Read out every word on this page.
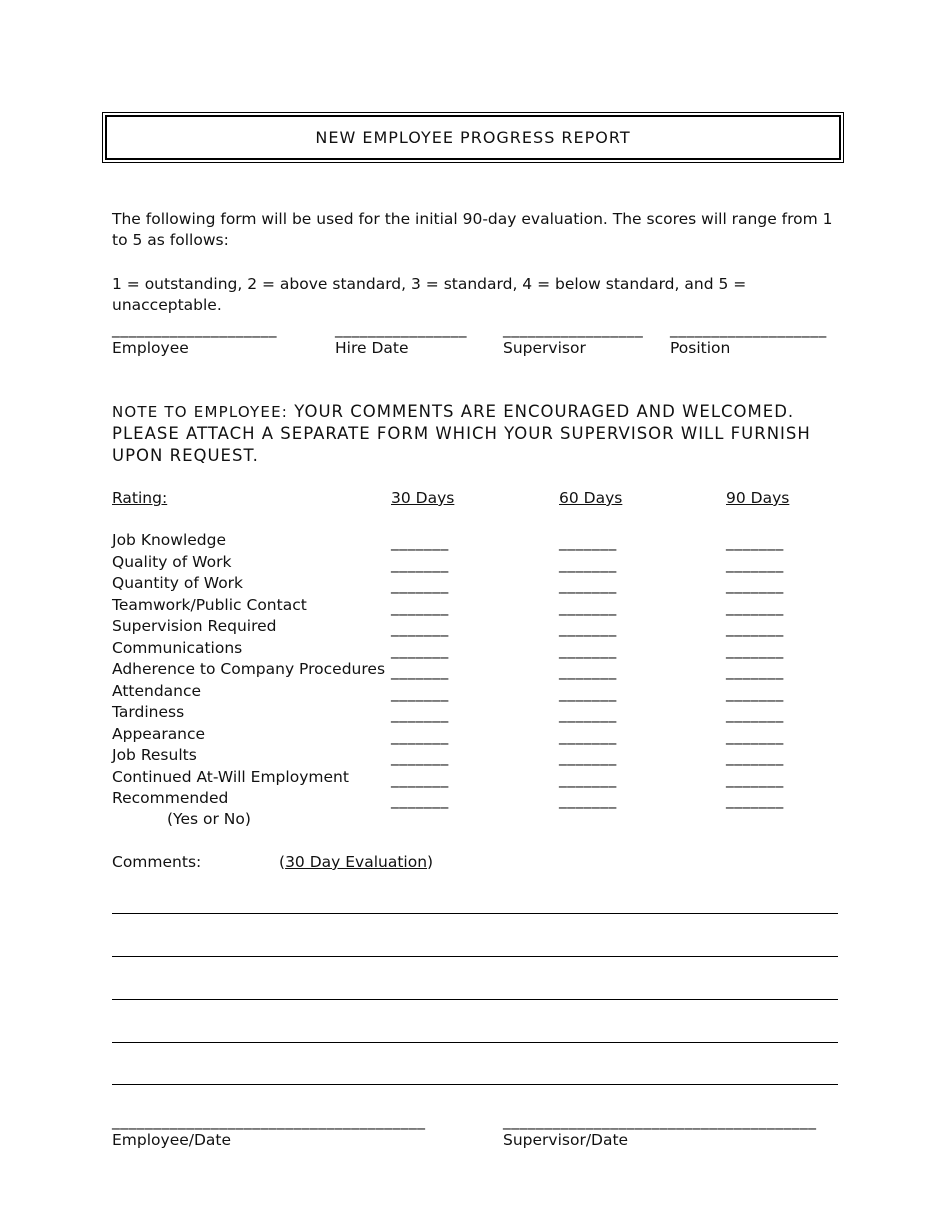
NEW EMPLOYEE PROGRESS REPORT
The following form will be used for the initial 90-day evaluation. The scores will range from 1 to 5 as follows:
1 = outstanding, 2 = above standard, 3 = standard, 4 = below standard, and 5 = unacceptable.
____________________
Employee
________________
Hire Date
_________________
Supervisor
___________________
Position
NOTE TO EMPLOYEE: YOUR COMMENTS ARE ENCOURAGED AND WELCOMED. PLEASE ATTACH A SEPARATE FORM WHICH YOUR SUPERVISOR WILL FURNISH UPON REQUEST.
Rating:	30 Days	60 Days	90 Days
Job Knowledge	_______	_______	_______
Quality of Work	_______	_______	_______
Quantity of Work	_______	_______	_______
Teamwork/Public Contact	_______	_______	_______
Supervision Required	_______	_______	_______
Communications	_______	_______	_______
Adherence to Company Procedures _______	_______	_______
Attendance	_______	_______	_______
Tardiness	_______	_______	_______
Appearance	_______	_______	_______
Job Results	_______	_______	_______
Continued At-Will Employment	_______	_______	_______
Recommended	_______	_______	_______
(Yes or No)
Comments:	(30 Day Evaluation)
______________________________________
Employee/Date
______________________________________
Supervisor/Date
